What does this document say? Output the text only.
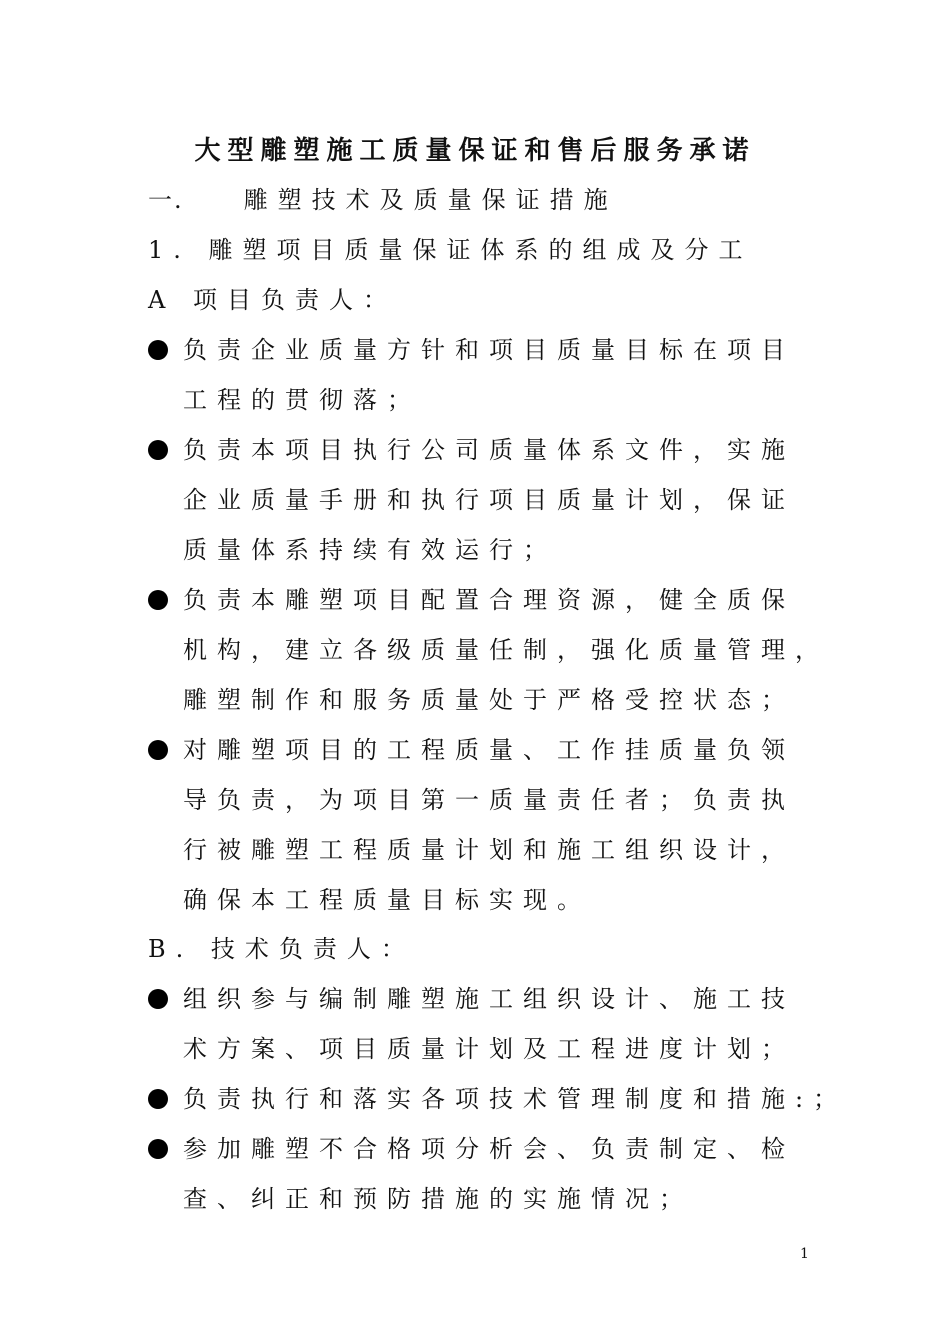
大型雕塑施工质量保证和售后服务承诺
一.	雕塑技术及质量保证措施
1. 雕塑项目质量保证体系的组成及分工
A 项目负责人：
负责企业质量方针和项目质量目标在项目
工程的贯彻落；
负责本项目执行公司质量体系文件，实施
企业质量手册和执行项目质量计划，保证
质量体系持续有效运行；
负责本雕塑项目配置合理资源，健全质保
机构，建立各级质量任制，强化质量管理，
雕塑制作和服务质量处于严格受控状态；
对雕塑项目的工程质量、工作挂质量负领
导负责，为项目第一质量责任者；负责执
行被雕塑工程质量计划和施工组织设计，
确保本工程质量目标实现。
B. 技术负责人：
组织参与编制雕塑施工组织设计、施工技
术方案、项目质量计划及工程进度计划；
负责执行和落实各项技术管理制度和措施:；
参加雕塑不合格项分析会、负责制定、检
查、纠正和预防措施的实施情况；
1
